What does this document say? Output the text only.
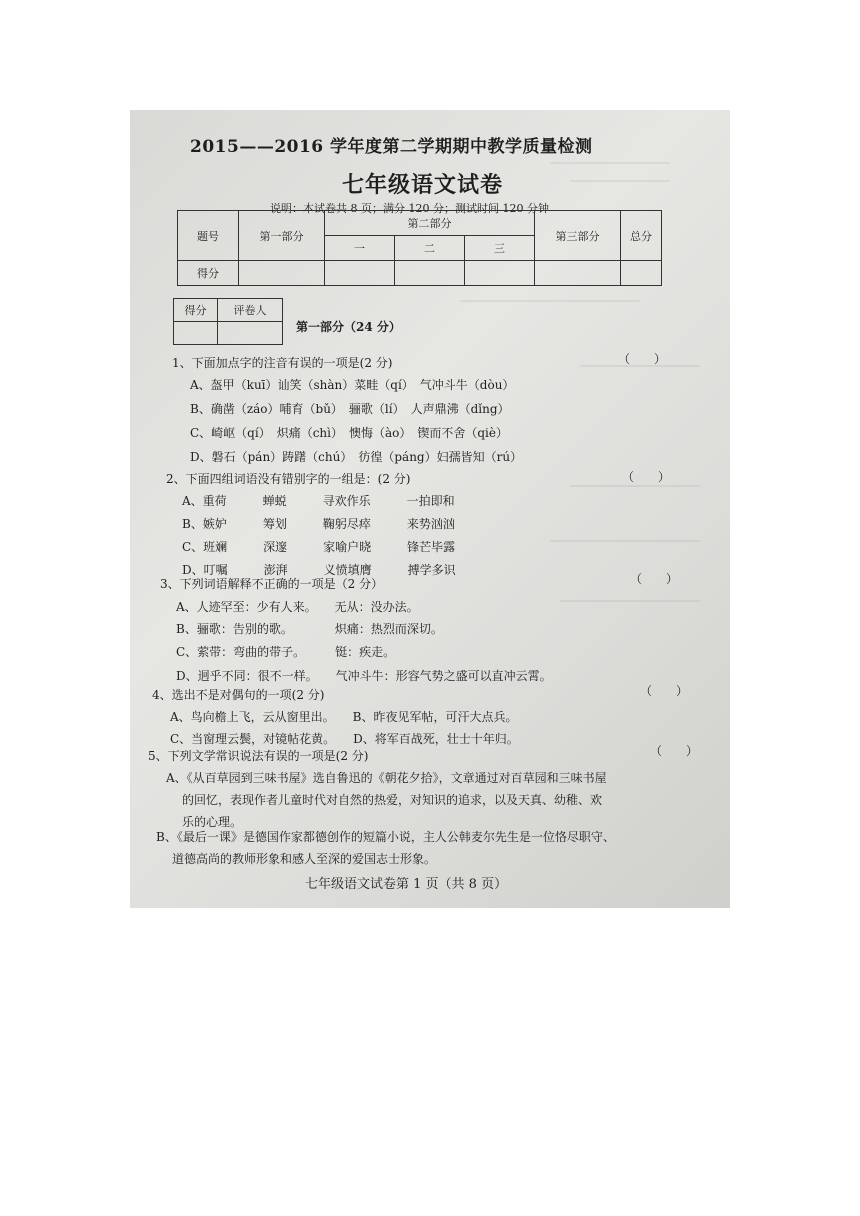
2015——2016 学年度第二学期期中教学质量检测
七年级语文试卷
说明：本试卷共 8 页；满分 120 分；测试时间 120 分钟
题号	第一部分	第二部分			第三部分	总分
		一	二	三		
得分						
得分	评卷人

第一部分（24 分）
1、下面加点字的注音有误的一项是(2 分)	（　　）
A、盔甲（kuī）讪笑（shàn）菜畦（qí）　气冲斗牛（dòu）
B、确凿（záo）哺育（bǔ）　骊歌（lí）　人声鼎沸（dǐng）
C、崎岖（qí）　炽痛（chì）　懊悔（ào）　锲而不舍（qiè）
D、磐石（pán）踌躇（chú）　彷徨（páng）妇孺皆知（rú）
2、下面四组词语没有错别字的一组是：(2 分)	（　　）
A、重荷　　　蝉蜕　　　寻欢作乐　　　一拍即和
B、嫉妒　　　筹划　　　鞠躬尽瘁　　　来势汹汹
C、班斓　　　深邃　　　家喻户晓　　　锋芒毕露
D、叮嘱　　　澎湃　　　义愤填膺　　　搏学多识
3、下列词语解释不正确的一项是（2 分）	（　　）
A、人迹罕至：少有人来。　　无从：没办法。
B、骊歌：告别的歌。　　　　炽痛：热烈而深切。
C、萦带：弯曲的带子。　　　铤：疾走。
D、迥乎不同：很不一样。　　气冲斗牛：形容气势之盛可以直冲云霄。
4、选出不是对偶句的一项(2 分)	（　　）
A、鸟向檐上飞，云从窗里出。　　B、昨夜见军帖，可汗大点兵。
C、当窗理云鬓，对镜帖花黄。　　D、将军百战死，壮士十年归。
5、下列文学常识说法有误的一项是(2 分)	（　　）
A、《从百草园到三味书屋》选自鲁迅的《朝花夕拾》，文章通过对百草园和三味书屋
的回忆，表现作者儿童时代对自然的热爱，对知识的追求，以及天真、幼稚、欢
乐的心理。
B、《最后一课》是德国作家都德创作的短篇小说，主人公韩麦尔先生是一位恪尽职守、
道德高尚的教师形象和感人至深的爱国志士形象。
七年级语文试卷第 1 页（共 8 页）
